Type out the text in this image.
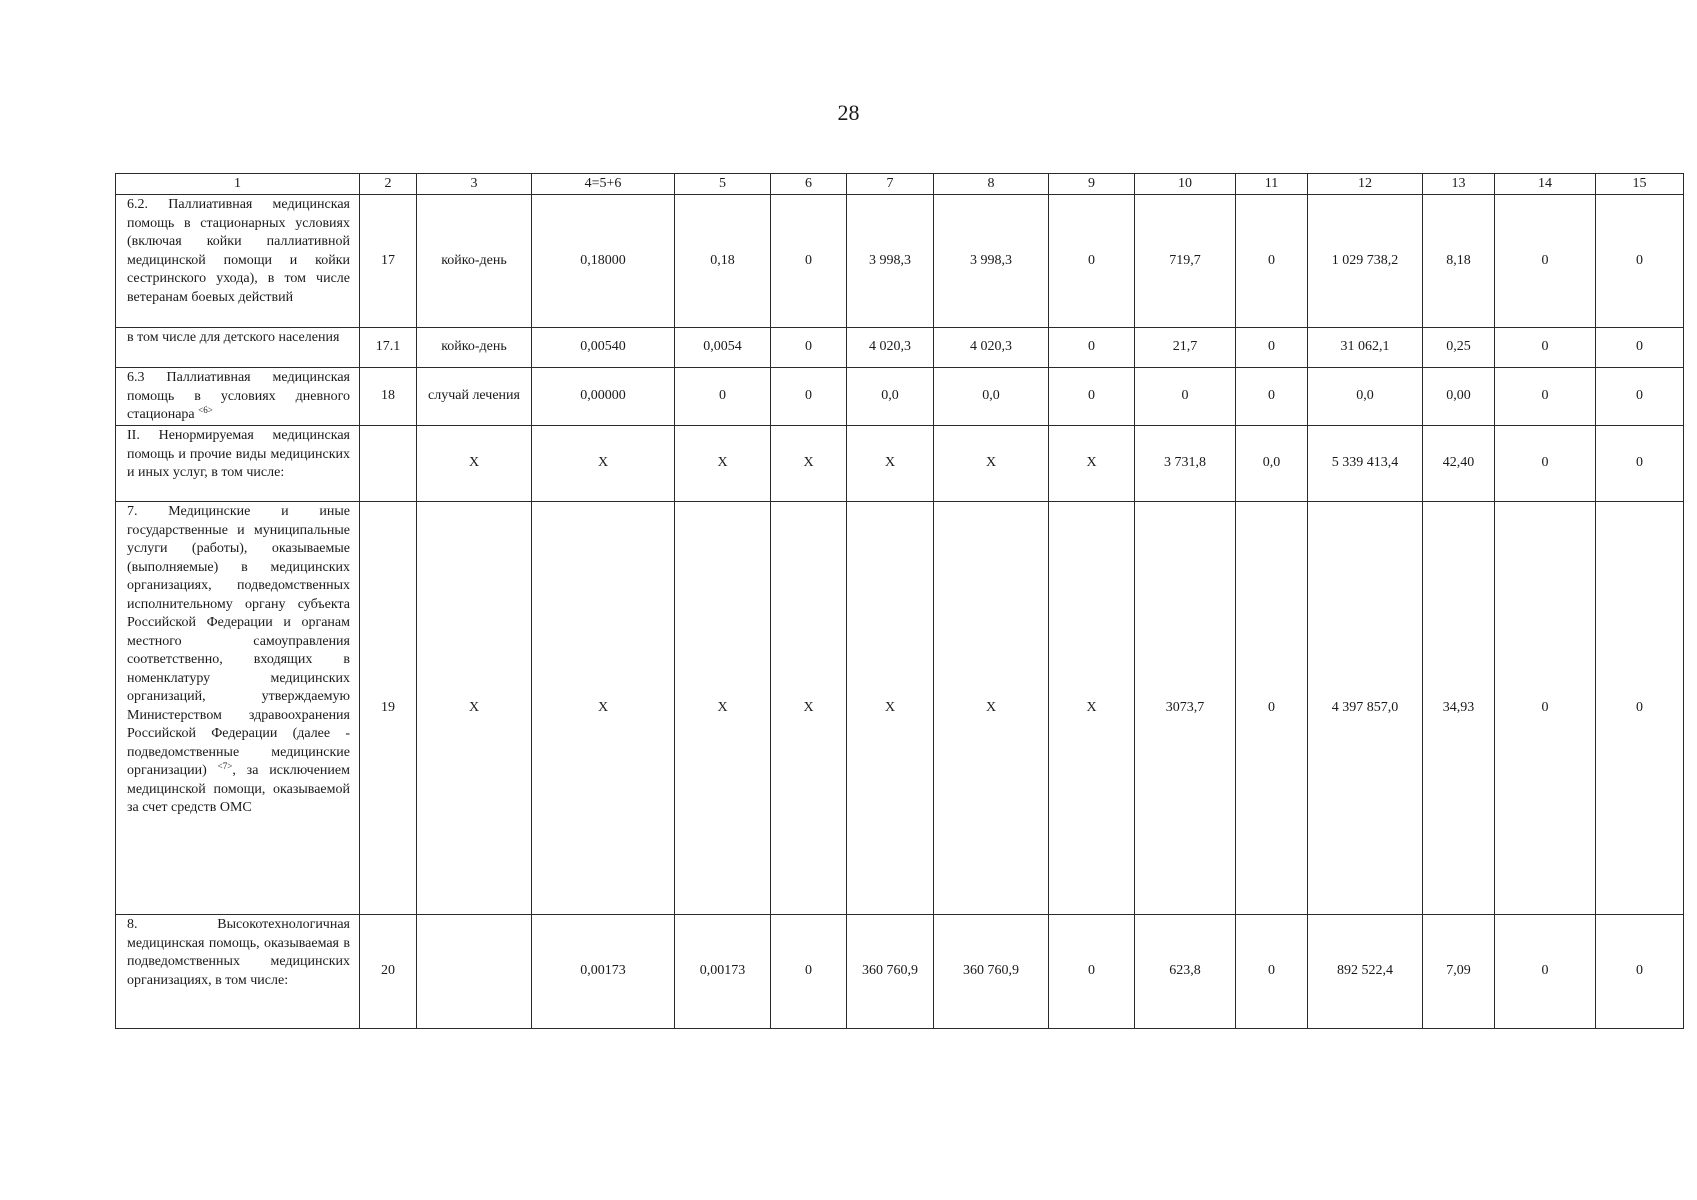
28
1	2	3	4=5+6	5	6	7	8	9	10	11	12	13	14	15
6.2. Паллиативная медицинская помощь в стационарных условиях (включая койки паллиативной медицинской помощи и койки сестринского ухода), в том числе ветеранам боевых действий	17	койко-день	0,18000	0,18	0	3 998,3	3 998,3	0	719,7	0	1 029 738,2	8,18	0	0
в том числе для детского населения	17.1	койко-день	0,00540	0,0054	0	4 020,3	4 020,3	0	21,7	0	31 062,1	0,25	0	0
6.3 Паллиативная медицинская помощь в условиях дневного стационара $^{<6>}$	18	случай лечения	0,00000	0	0	0,0	0,0	0	0	0	0,0	0,00	0	0
II. Ненормируемая медицинская помощь и прочие виды медицинских и иных услуг, в том числе:		X	X	X	X	X	X	X	3 731,8	0,0	5 339 413,4	42,40	0	0
7. Медицинские и иные государственные и муниципальные услуги (работы), оказываемые (выполняемые) в медицинских организациях, подведомственных исполнительному органу субъекта Российской Федерации и органам местного самоуправления соответственно, входящих в номенклатуру медицинских организаций, утверждаемую Министерством здравоохранения Российской Федерации (далее - подведомственные медицинские организации) $^{<7>}$, за исключением медицинской помощи, оказываемой за счет средств ОМС	19	X	X	X	X	X	X	X	3073,7	0	4 397 857,0	34,93	0	0
8. Высокотехнологичная медицинская помощь, оказываемая в подведомственных медицинских организациях, в том числе:	20		0,00173	0,00173	0	360 760,9	360 760,9	0	623,8	0	892 522,4	7,09	0	0
